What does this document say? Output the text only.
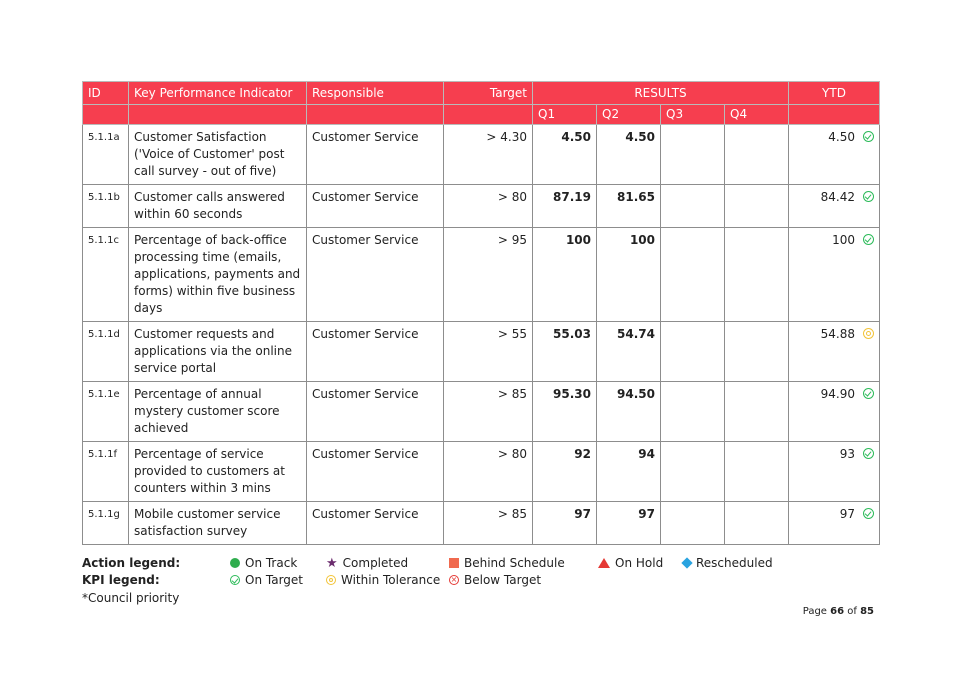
ID	Key Performance Indicator	Responsible	Target	RESULTS				YTD
				Q1	Q2	Q3	Q4	
5.1.1a	Customer Satisfaction ('Voice of Customer' post call survey - out of five)	Customer Service	> 4.30	4.50	4.50			4.50
5.1.1b	Customer calls answered within 60 seconds	Customer Service	> 80	87.19	81.65			84.42
5.1.1c	Percentage of back-office processing time (emails, applications, payments and forms) within five business days	Customer Service	> 95	100	100			100
5.1.1d	Customer requests and applications via the online service portal	Customer Service	> 55	55.03	54.74			54.88
5.1.1e	Percentage of annual mystery customer score achieved	Customer Service	> 85	95.30	94.50			94.90
5.1.1f	Percentage of service provided to customers at counters within 3 mins	Customer Service	> 80	92	94			93
5.1.1g	Mobile customer service satisfaction survey	Customer Service	> 85	97	97			97
Action legend:	On Track ★ Completed	Behind Schedule	On Hold	Rescheduled
KPI legend:	On Target	Within Tolerance × Below Target
*Council priority
Page 66 of 85
